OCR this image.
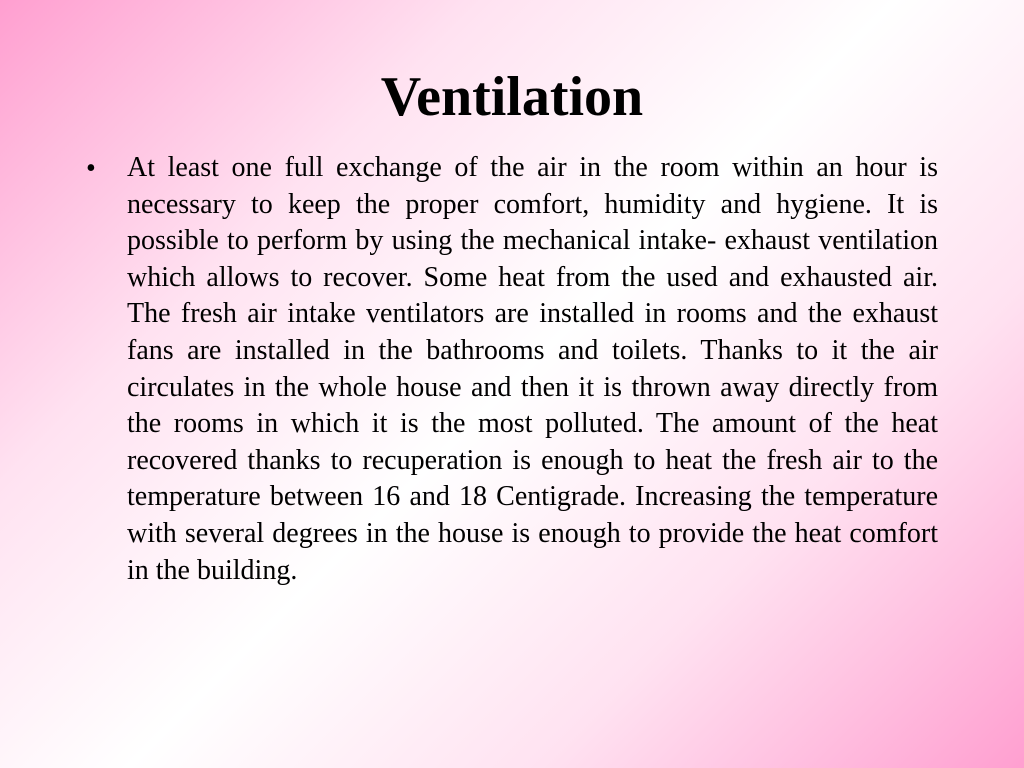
Ventilation
• At least one full exchange of the air in the room within an hour is necessary to keep the proper comfort, humidity and hygiene. It is possible to perform by using the mechanical intake- exhaust ventilation which allows to recover. Some heat from the used and exhausted air. The fresh air intake ventilators are installed in rooms and the exhaust fans are installed in the bathrooms and toilets. Thanks to it the air  circulates in the whole house and then it is thrown away directly from the rooms in which it is the most polluted. The amount of the heat recovered thanks to recuperation is enough to heat the fresh air to the temperature between 16 and 18 Centigrade. Increasing the temperature with several degrees in the house is enough to provide the heat comfort in the building.
